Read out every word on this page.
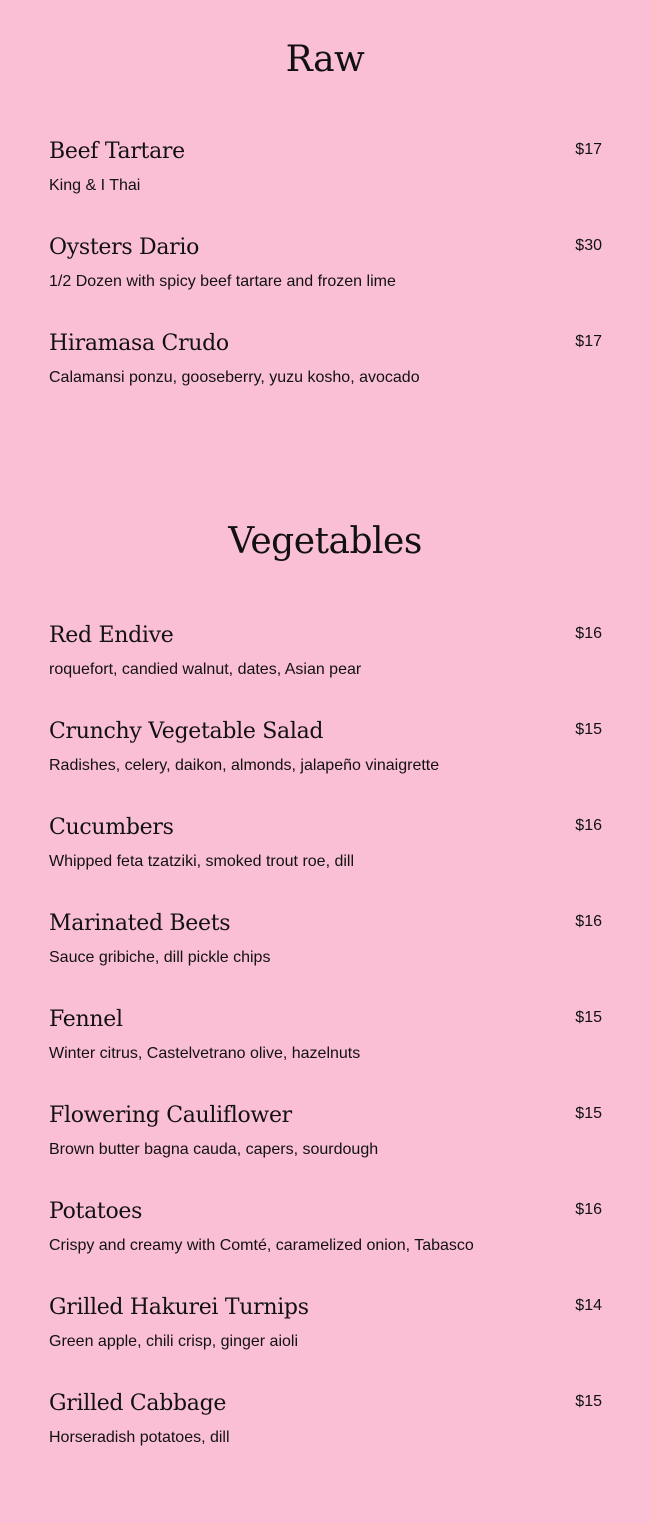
Raw
Beef Tartare	$17
King & I Thai
Oysters Dario	$30
1/2 Dozen with spicy beef tartare and frozen lime
Hiramasa Crudo	$17
Calamansi ponzu, gooseberry, yuzu kosho, avocado
Vegetables
Red Endive	$16
roquefort, candied walnut, dates, Asian pear
Crunchy Vegetable Salad	$15
Radishes, celery, daikon, almonds, jalapeño vinaigrette
Cucumbers	$16
Whipped feta tzatziki, smoked trout roe, dill
Marinated Beets	$16
Sauce gribiche, dill pickle chips
Fennel	$15
Winter citrus, Castelvetrano olive, hazelnuts
Flowering Cauliflower	$15
Brown butter bagna cauda, capers, sourdough
Potatoes	$16
Crispy and creamy with Comté, caramelized onion, Tabasco
Grilled Hakurei Turnips	$14
Green apple, chili crisp, ginger aioli
Grilled Cabbage	$15
Horseradish potatoes, dill
